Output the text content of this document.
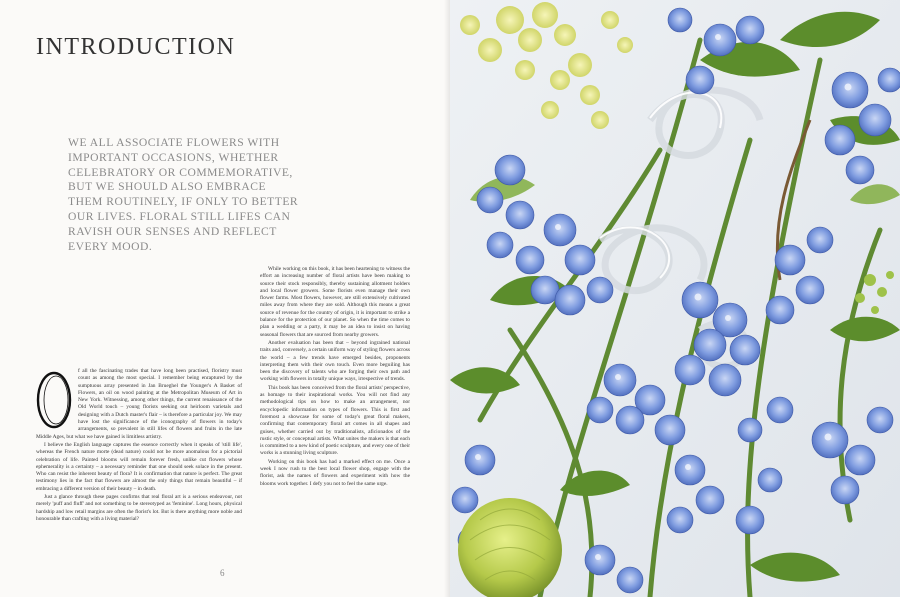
INTRODUCTION

WE ALL ASSOCIATE FLOWERS WITH IMPORTANT OCCASIONS, WHETHER CELEBRATORY OR COMMEMORATIVE, BUT WE SHOULD ALSO EMBRACE THEM ROUTINELY, IF ONLY TO BETTER OUR LIVES. FLORAL STILL LIFES CAN RAVISH OUR SENSES AND REFLECT EVERY MOOD.

f all the fascinating trades that have long been practised, floristry must count as among the most special. I remember being enraptured by the sumptuous array presented in Jan Brueghel the Younger's A Basket of Flowers, an oil on wood painting at the Metropolitan Museum of Art in New York. Witnessing, among other things, the current renaissance of the Old World touch – young florists seeking out heirloom varietals and designing with a Dutch master's flair – is therefore a particular joy. We may have lost the significance of the iconography of flowers in today's arrangements, so prevalent in still lifes of flowers and fruits in the late Middle Ages, but what we have gained is limitless artistry.

I believe the English language captures the essence correctly when it speaks of 'still life', whereas the French nature morte (dead nature) could not be more anomalous for a pictorial celebration of life. Painted blooms will remain forever fresh, unlike cut flowers whose ephemerality is a certainty – a necessary reminder that one should seek solace in the present. Who can resist the inherent beauty of flora? It is confirmation that nature is perfect. The great testimony lies in the fact that flowers are almost the only things that remain beautiful – if embracing a different version of their beauty – in death.

Just a glance through these pages confirms that real floral art is a serious endeavour, not merely 'puff and fluff' and not something to be stereotyped as 'feminine'. Long hours, physical hardship and low retail margins are often the florist's lot. But is there anything more noble and honourable than crafting with a living material?

While working on this book, it has been heartening to witness the effort an increasing number of floral artists have been making to source their stock responsibly, thereby sustaining allotment holders and local flower growers. Some florists even manage their own flower farms. Most flowers, however, are still extensively cultivated miles away from where they are sold. Although this means a great source of revenue for the country of origin, it is important to strike a balance for the protection of our planet. So when the time comes to plan a wedding or a party, it may be an idea to insist on having seasonal flowers that are sourced from nearby growers.

Another evaluation has been that – beyond ingrained national traits and, conversely, a certain uniform way of styling flowers across the world – a few trends have emerged besides, proponents interpreting them with their own touch. Even more beguiling has been the discovery of talents who are forging their own path and working with flowers in totally unique ways, irrespective of trends.

This book has been conceived from the floral artists' perspective, as homage to their inspirational works. You will not find any methodological tips on how to make an arrangement, nor encyclopedic information on types of flowers. This is first and foremost a showcase for some of today's great floral makers, confirming that contemporary floral art comes in all shapes and guises, whether carried out by traditionalists, aficionados of the rustic style, or conceptual artists. What unites the makers is that each is committed to a new kind of poetic sculpture, and every one of their works is a stunning living sculpture.

Working on this book has had a marked effect on me. Once a week I now rush to the best local flower shop, engage with the florist, ask the names of flowers and experiment with how the blooms work together. I defy you not to feel the same urge.

6
